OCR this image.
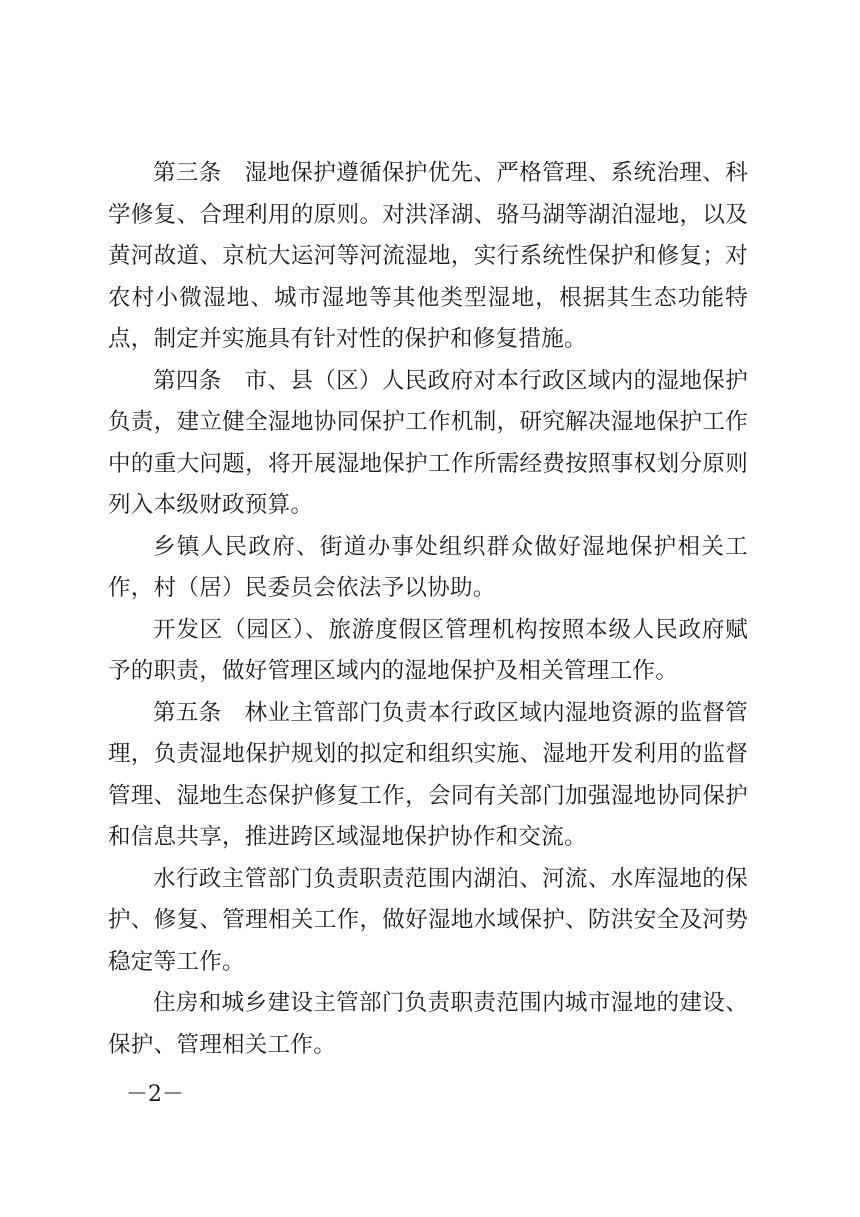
第三条  湿地保护遵循保护优先、严格管理、系统治理、科学修复、合理利用的原则。对洪泽湖、骆马湖等湖泊湿地，以及黄河故道、京杭大运河等河流湿地，实行系统性保护和修复；对农村小微湿地、城市湿地等其他类型湿地，根据其生态功能特点，制定并实施具有针对性的保护和修复措施。

第四条  市、县（区）人民政府对本行政区域内的湿地保护负责，建立健全湿地协同保护工作机制，研究解决湿地保护工作中的重大问题，将开展湿地保护工作所需经费按照事权划分原则列入本级财政预算。

乡镇人民政府、街道办事处组织群众做好湿地保护相关工作，村（居）民委员会依法予以协助。

开发区（园区）、旅游度假区管理机构按照本级人民政府赋予的职责，做好管理区域内的湿地保护及相关管理工作。

第五条  林业主管部门负责本行政区域内湿地资源的监督管理，负责湿地保护规划的拟定和组织实施、湿地开发利用的监督管理、湿地生态保护修复工作，会同有关部门加强湿地协同保护和信息共享，推进跨区域湿地保护协作和交流。

水行政主管部门负责职责范围内湖泊、河流、水库湿地的保护、修复、管理相关工作，做好湿地水域保护、防洪安全及河势稳定等工作。

住房和城乡建设主管部门负责职责范围内城市湿地的建设、保护、管理相关工作。

－2－
